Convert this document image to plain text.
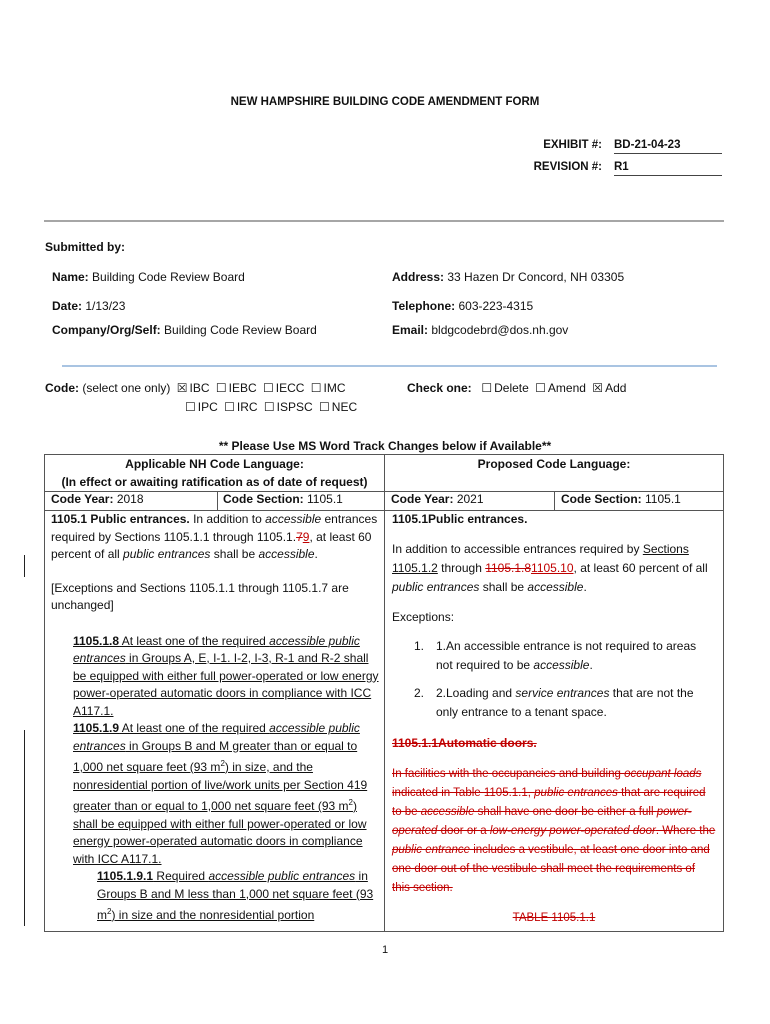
NEW HAMPSHIRE BUILDING CODE AMENDMENT FORM
EXHIBIT #: BD-21-04-23
REVISION #: R1
Submitted by:
Name: Building Code Review Board	Address: 33 Hazen Dr Concord, NH 03305
Date: 1/13/23	Telephone: 603-223-4315
Company/Org/Self: Building Code Review Board	Email: bldgcodebrd@dos.nh.gov
Code: (select one only) ☒ IBC ☐ IEBC ☐ IECC ☐ IMC
☐ IPC ☐ IRC ☐ ISPSC ☐ NEC
Check one: ☐ Delete ☐ Amend ☒ Add
** Please Use MS Word Track Changes below if Available**
Applicable NH Code Language:
(In effect or awaiting ratification as of date of request)
Proposed Code Language:
Code Year: 2018	Code Section: 1105.1	Code Year: 2021	Code Section: 1105.1
1105.1 Public entrances. In addition to accessible entrances required by Sections 1105.1.1 through 1105.1.79, at least 60 percent of all public entrances shall be accessible.
[Exceptions and Sections 1105.1.1 through 1105.1.7 are unchanged]
1105.1.8 At least one of the required accessible public entrances in Groups A, E, I-1. I-2, I-3, R-1 and R-2 shall be equipped with either full power-operated or low energy power-operated automatic doors in compliance with ICC A117.1.
1105.1.9 At least one of the required accessible public entrances in Groups B and M greater than or equal to 1,000 net square feet (93 $m^2$) in size, and the nonresidential portion of live/work units per Section 419 greater than or equal to 1,000 net square feet (93 $m^2$) shall be equipped with either full power-operated or low energy power-operated automatic doors in compliance with ICC A117.1.
1105.1.9.1 Required accessible public entrances in Groups B and M less than 1,000 net square feet (93 $m^2$) in size and the nonresidential portion
1105.1Public entrances.
In addition to accessible entrances required by Sections 1105.1.2 through 1105.1.81105.10, at least 60 percent of all public entrances shall be accessible.
Exceptions:
1. 1.An accessible entrance is not required to areas not required to be accessible.
2. 2.Loading and service entrances that are not the only entrance to a tenant space.
1105.1.1Automatic doors.
In facilities with the occupancies and building occupant loads indicated in Table 1105.1.1, public entrances that are required to be accessible shall have one door be either a full power-operated door or a low-energy power-operated door. Where the public entrance includes a vestibule, at least one door into and one door out of the vestibule shall meet the requirements of this section.
TABLE 1105.1.1
1
